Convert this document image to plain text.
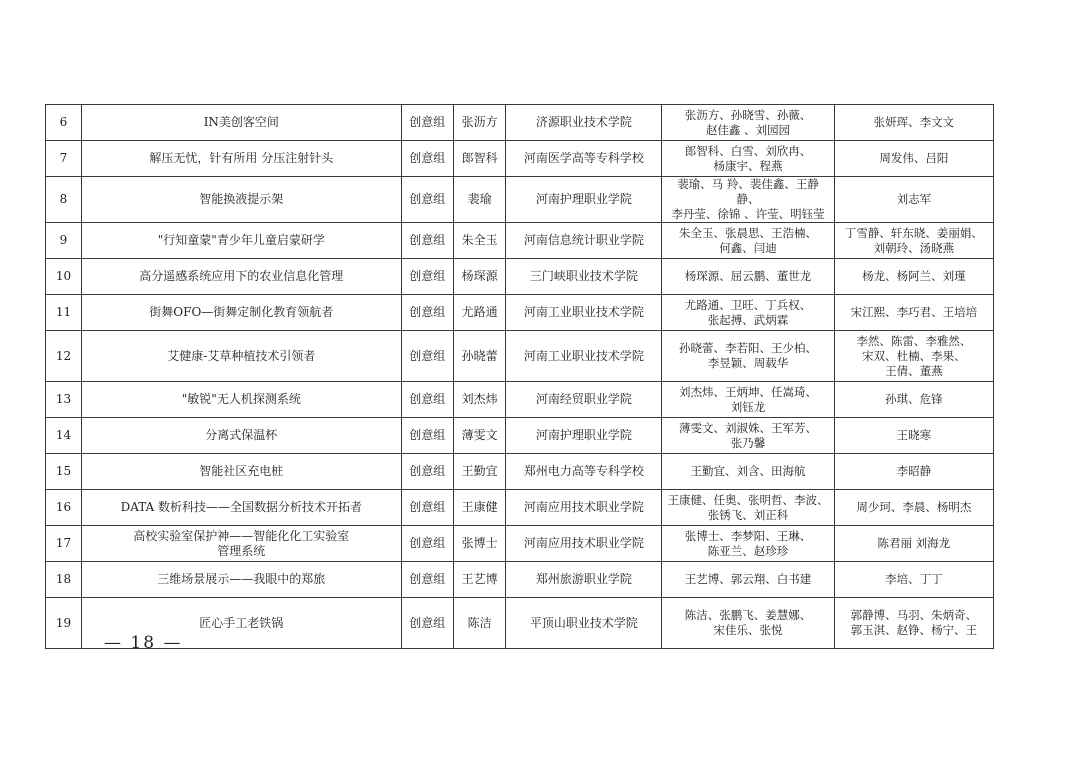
6	IN美创客空间	创意组	张沥方	济源职业技术学院	张沥方、孙晓雪、孙薇、
赵佳鑫 、刘园园	张妍珲、李文文
7	解压无忧，针有所用 分压注射针头	创意组	郎智科	河南医学高等专科学校	郎智科、白雪、刘欣冉、
杨康宇、程燕	周发伟、吕阳
8	智能换液提示架	创意组	裴瑜	河南护理职业学院	裴瑜、马 羚、裴佳鑫、王静静、
李丹莹、徐锦 、许莹、明钰莹	刘志军
9	"行知童蒙"青少年儿童启蒙研学	创意组	朱全玉	河南信息统计职业学院	朱全玉、张晨思、王浩楠、
何鑫、闫迪	丁雪静、轩东晓、姜丽娟、
刘朝玲、汤晓燕
10	高分遥感系统应用下的农业信息化管理	创意组	杨琛源	三门峡职业技术学院	杨琛源、屈云鹏、董世龙	杨龙、杨阿兰、刘瑾
11	街舞OFO—街舞定制化教育领航者	创意组	尤路通	河南工业职业技术学院	尤路通、卫旺、丁兵权、
张起搏、武炳霖	宋江熙、李巧君、王培培
12	艾健康-艾草种植技术引领者	创意组	孙晓蕾	河南工业职业技术学院	孙晓蕾、李若阳、王少柏、
李昱颖、周载华	李然、陈雷、李雅然、
宋双、杜楠、李果、
王倩、董燕
13	"敏锐"无人机探测系统	创意组	刘杰炜	河南经贸职业学院	刘杰炜、王炳坤、任嵩琦、
刘钰龙	孙琪、危锋
14	分离式保温杯	创意组	薄雯文	河南护理职业学院	薄雯文、刘淑姝、王军芳、
张乃馨	王晓寒
15	智能社区充电桩	创意组	王勤宜	郑州电力高等专科学校	王勤宜、刘含、田海航	李昭静
16	DATA 数析科技——全国数据分析技术开拓者	创意组	王康健	河南应用技术职业学院	王康健、任奥、张明哲、李波、
张锈飞、刘正科	周少珂、李晨、杨明杰
17	高校实验室保护神——智能化化工实验室
管理系统	创意组	张博士	河南应用技术职业学院	张博士、李梦阳、王琳、
陈亚兰、赵珍珍	陈君丽 刘海龙
18	三维场景展示——我眼中的郑旅	创意组	王艺博	郑州旅游职业学院	王艺博、郭云翔、白书建	李培、丁丁
19	匠心手工老铁锅	创意组	陈洁	平顶山职业技术学院	陈洁、张鹏飞、姜慧娜、
宋佳乐、张悦	郭静博、马羽、朱炳奇、
郭玉淇、赵铮、杨宁、王
— 18 —
